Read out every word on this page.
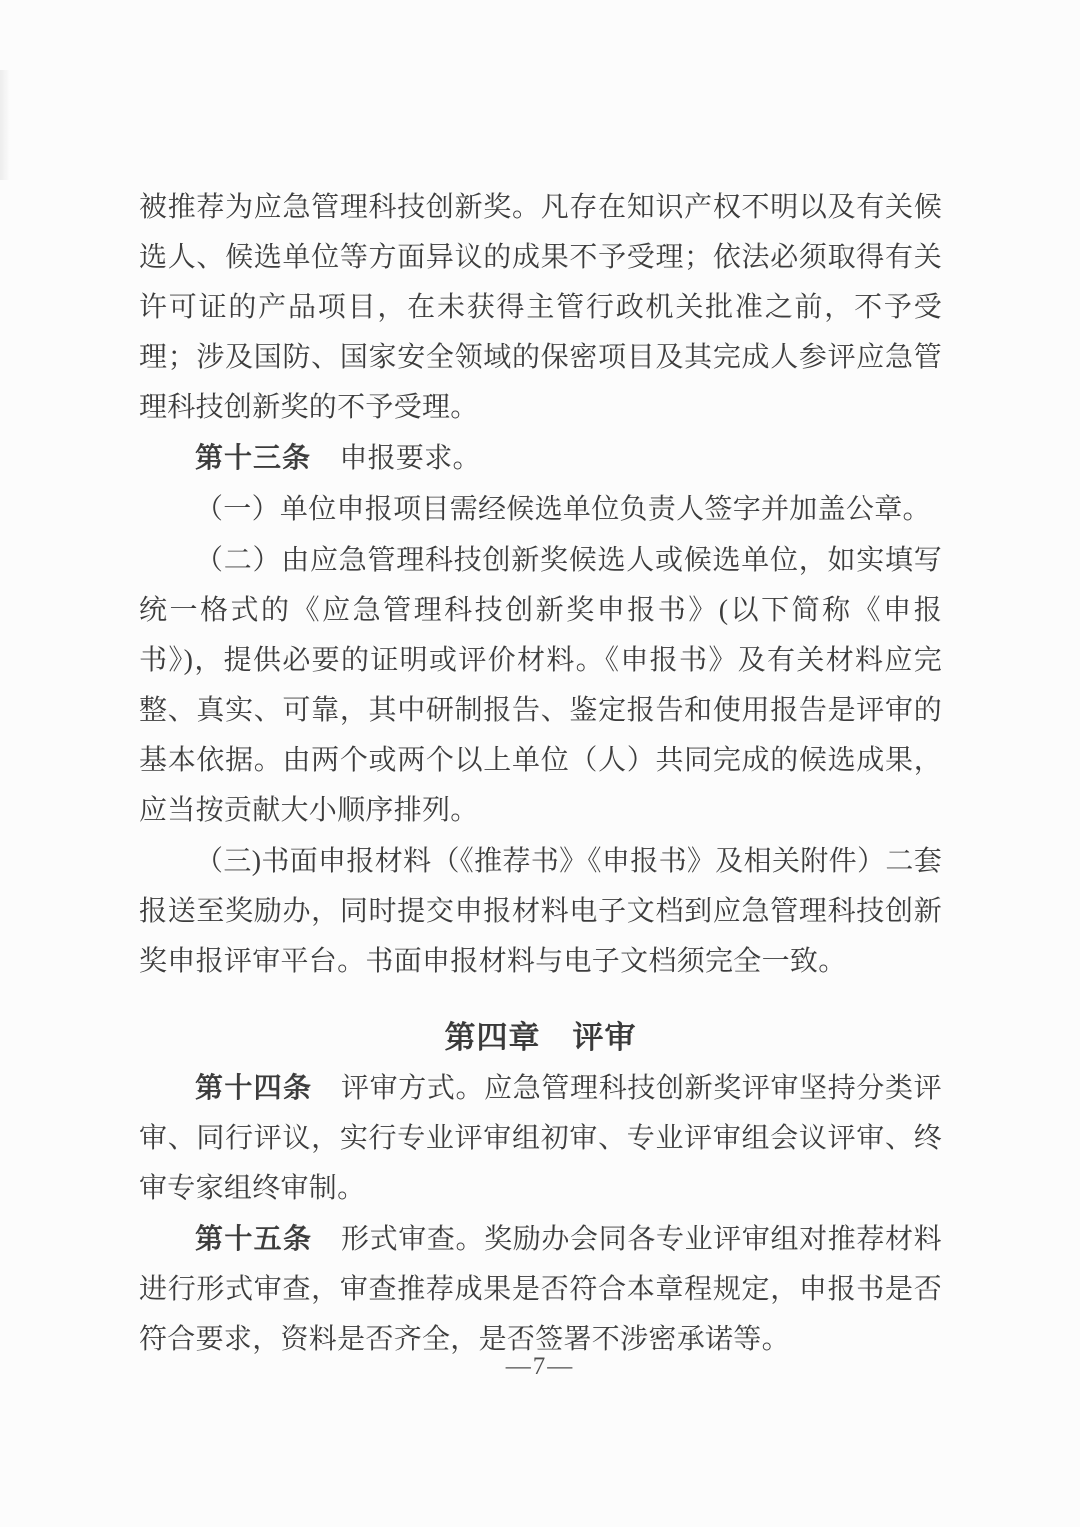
被推荐为应急管理科技创新奖。凡存在知识产权不明以及有关候选人、候选单位等方面异议的成果不予受理；依法必须取得有关许可证的产品项目，在未获得主管行政机关批准之前，不予受理；涉及国防、国家安全领域的保密项目及其完成人参评应急管理科技创新奖的不予受理。

第十三条　申报要求。

（一）单位申报项目需经候选单位负责人签字并加盖公章。

（二）由应急管理科技创新奖候选人或候选单位，如实填写统一格式的《应急管理科技创新奖申报书》(以下简称《申报书》)，提供必要的证明或评价材料。《申报书》及有关材料应完整、真实、可靠，其中研制报告、鉴定报告和使用报告是评审的基本依据。由两个或两个以上单位（人）共同完成的候选成果，应当按贡献大小顺序排列。

（三)书面申报材料（《推荐书》《申报书》及相关附件）二套报送至奖励办，同时提交申报材料电子文档到应急管理科技创新奖申报评审平台。书面申报材料与电子文档须完全一致。

第四章　评审

第十四条　评审方式。应急管理科技创新奖评审坚持分类评审、同行评议，实行专业评审组初审、专业评审组会议评审、终审专家组终审制。

第十五条　形式审查。奖励办会同各专业评审组对推荐材料进行形式审查，审查推荐成果是否符合本章程规定，申报书是否符合要求，资料是否齐全，是否签署不涉密承诺等。

—7—
